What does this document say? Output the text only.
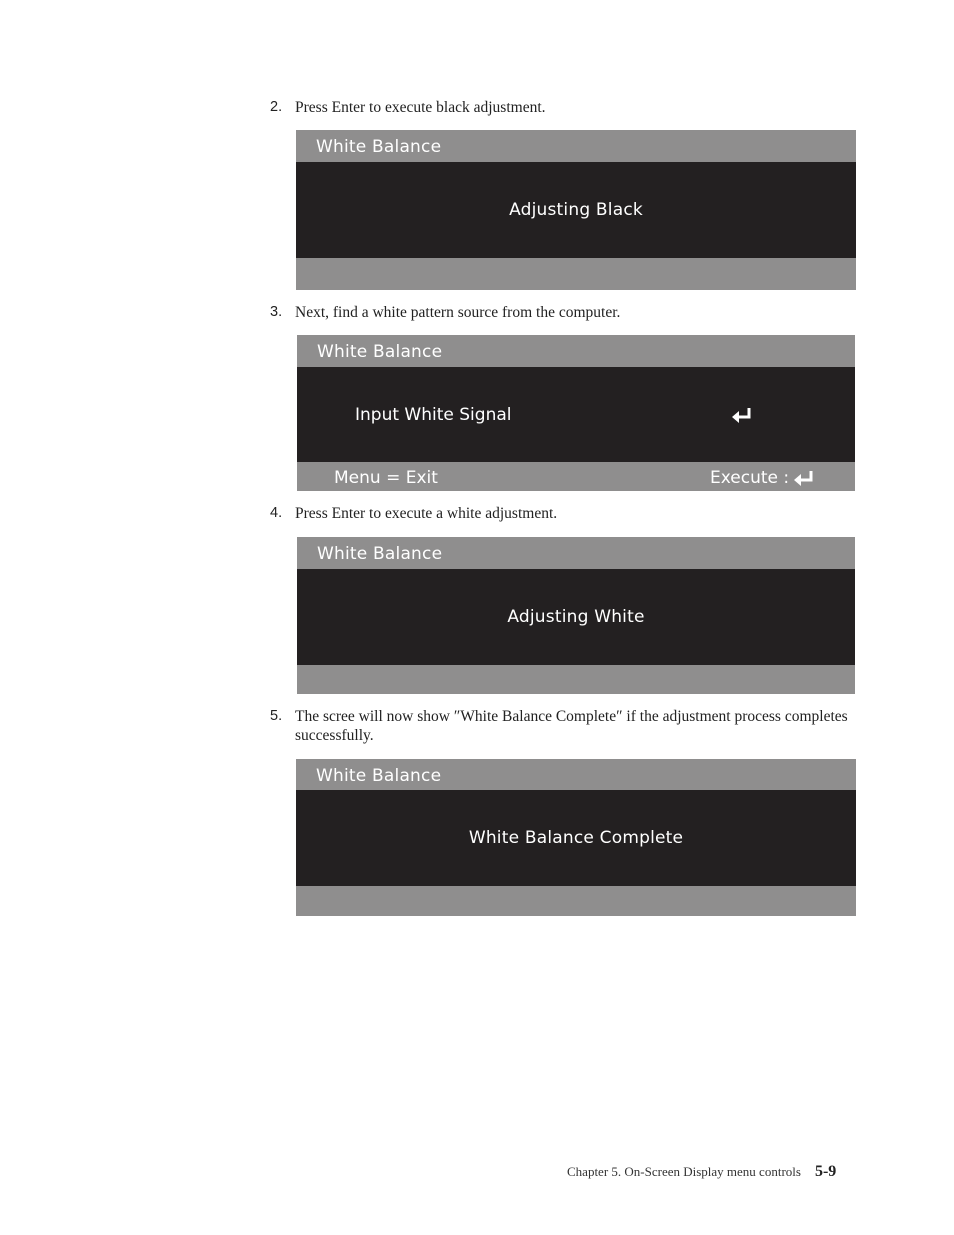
2. Press Enter to execute black adjustment.
White Balance
Adjusting Black
3. Next, find a white pattern source from the computer.
White Balance
Input White Signal
Menu = Exit	Execute :
4. Press Enter to execute a white adjustment.
White Balance
Adjusting White
5. The scree will now show ″White Balance Complete″ if the adjustment process completes successfully.
White Balance
White Balance Complete
Chapter 5. On-Screen Display menu controls 5-9
